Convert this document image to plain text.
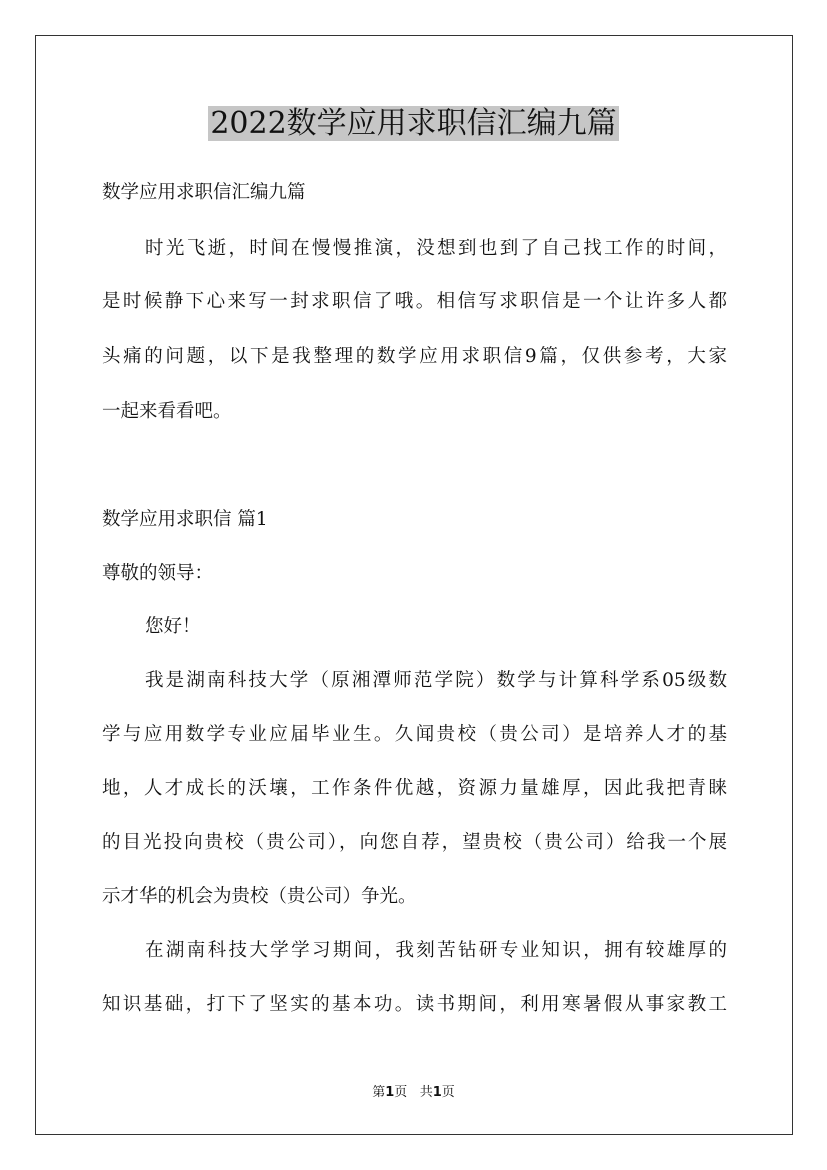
2022数学应用求职信汇编九篇
数学应用求职信汇编九篇
时光飞逝，时间在慢慢推演，没想到也到了自己找工作的时间，
是时候静下心来写一封求职信了哦。相信写求职信是一个让许多人都
头痛的问题，以下是我整理的数学应用求职信9篇，仅供参考，大家
一起来看看吧。
数学应用求职信 篇1
尊敬的领导：
您好！
我是湖南科技大学（原湘潭师范学院）数学与计算科学系05级数
学与应用数学专业应届毕业生。久闻贵校（贵公司）是培养人才的基
地，人才成长的沃壤，工作条件优越，资源力量雄厚，因此我把青睐
的目光投向贵校（贵公司），向您自荐，望贵校（贵公司）给我一个展
示才华的机会为贵校（贵公司）争光。
在湖南科技大学学习期间，我刻苦钻研专业知识，拥有较雄厚的
知识基础，打下了坚实的基本功。读书期间，利用寒暑假从事家教工
第1页 共1页
